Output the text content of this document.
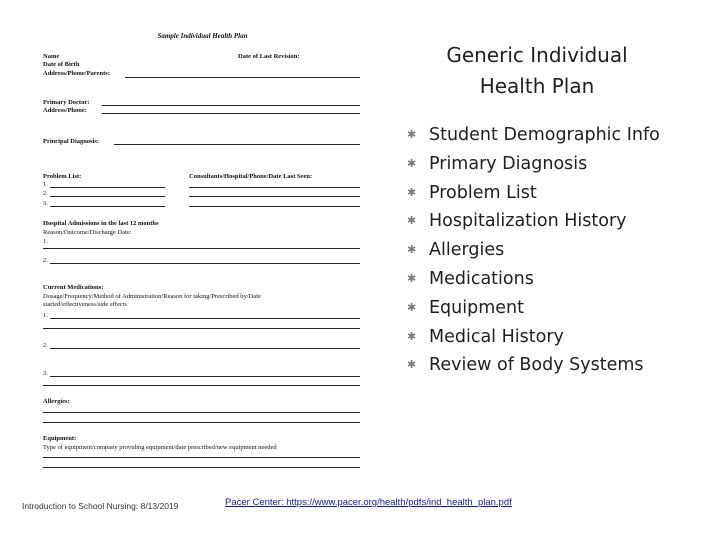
Sample Individual Health Plan
Name	Date of Last Revision:
Date of Birth
Address/Phone/Parents:
Primary Doctor:
Address/Phone:
Principal Diagnosis:
Problem List:	Consultants/Hospital/Phone/Date Last Seen:
1.
2.
3.
Hospital Admissions in the last 12 months
Reason/Outcome/Discharge Date:
1.
2.
Current Medications:
Dosage/Frequency/Method of Administration/Reason for taking/Prescribed by/Date
started/effectiveness/side effects
1.
2.
3.
Allergies:
Equipment:
Type of equipment/company providing equipment/date prescribed/new equipment needed
Generic Individual
Health Plan
✱ Student Demographic Info
✱ Primary Diagnosis
✱ Problem List
✱ Hospitalization History
✱ Allergies
✱ Medications
✱ Equipment
✱ Medical History
✱ Review of Body Systems
Introduction to School Nursing: 8/13/2019	Pacer Center: https://www.pacer.org/health/pdfs/ind_health_plan.pdf
